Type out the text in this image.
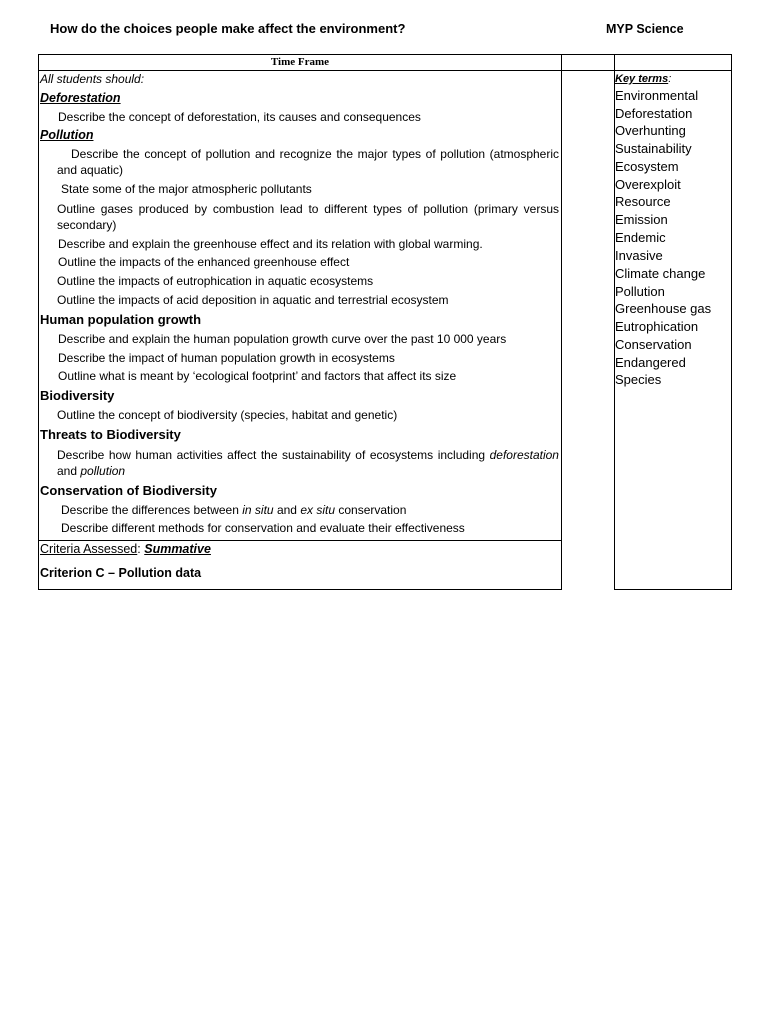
How do the choices people make affect the environment?	MYP Science
Time Frame
All students should:
Deforestation
Describe the concept of deforestation, its causes and consequences
Pollution
Describe the concept of pollution and recognize the major types of pollution (atmospheric and aquatic)
State some of the major atmospheric pollutants
Outline gases produced by combustion lead to different types of pollution (primary versus secondary)
Describe and explain the greenhouse effect and its relation with global warming.
Outline the impacts of the enhanced greenhouse effect
Outline the impacts of eutrophication in aquatic ecosystems
Outline the impacts of acid deposition in aquatic and terrestrial ecosystem
Human population growth
Describe and explain the human population growth curve over the past 10 000 years
Describe the impact of human population growth in ecosystems
Outline what is meant by ‘ecological footprint’ and factors that affect its size
Biodiversity
Outline the concept of biodiversity (species, habitat and genetic)
Threats to Biodiversity
Describe how human activities affect the sustainability of ecosystems including deforestation and pollution
Conservation of Biodiversity
Describe the differences between in situ and ex situ conservation
Describe different methods for conservation and evaluate their effectiveness
Criteria Assessed: Summative
Criterion C – Pollution data
Key terms:
Environmental
Deforestation
Overhunting
Sustainability
Ecosystem
Overexploit
Resource
Emission
Endemic
Invasive
Climate change
Pollution
Greenhouse gas
Eutrophication
Conservation
Endangered
Species
